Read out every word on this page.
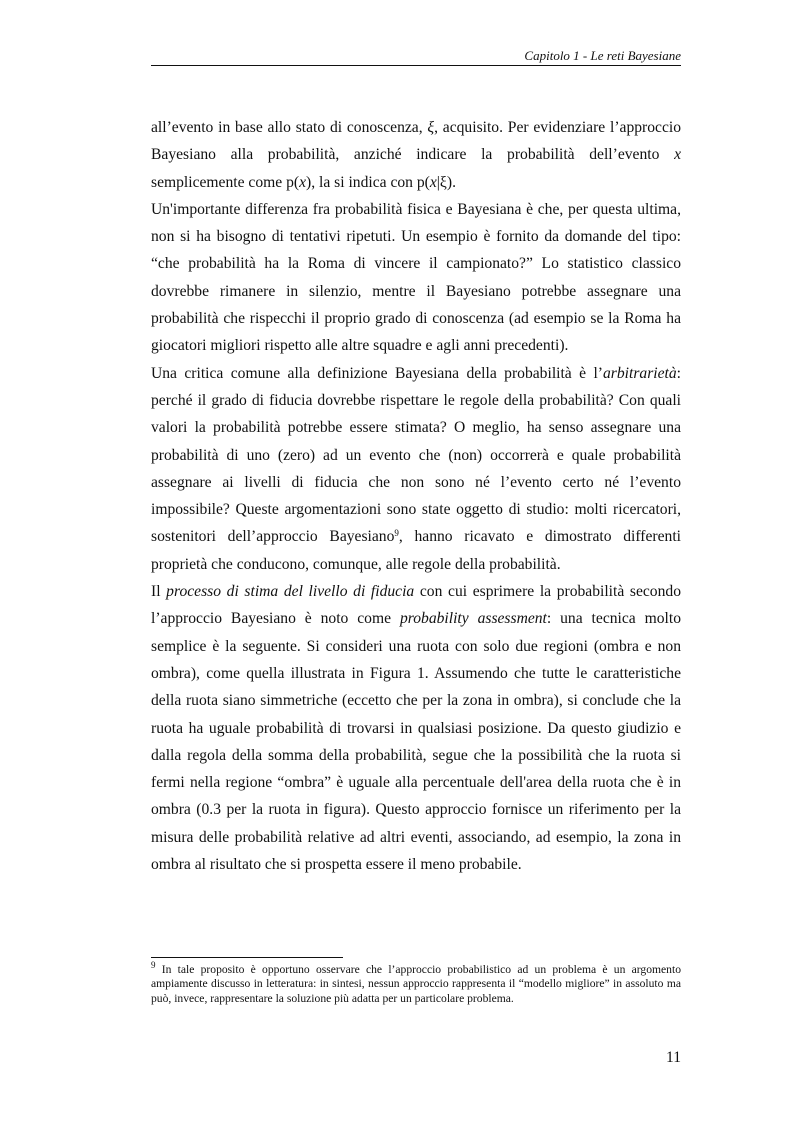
Capitolo 1 - Le reti Bayesiane

all’evento in base allo stato di conoscenza, ξ, acquisito. Per evidenziare l’approccio Bayesiano alla probabilità, anziché indicare la probabilità dell’evento x semplicemente come p(x), la si indica con p(x|ξ).

Un'importante differenza fra probabilità fisica e Bayesiana è che, per questa ultima, non si ha bisogno di tentativi ripetuti. Un esempio è fornito da domande del tipo: “che probabilità ha la Roma di vincere il campionato?” Lo statistico classico dovrebbe rimanere in silenzio, mentre il Bayesiano potrebbe assegnare una probabilità che rispecchi il proprio grado di conoscenza (ad esempio se la Roma ha giocatori migliori rispetto alle altre squadre e agli anni precedenti).

Una critica comune alla definizione Bayesiana della probabilità è l’arbitrarietà: perché il grado di fiducia dovrebbe rispettare le regole della probabilità? Con quali valori la probabilità potrebbe essere stimata? O meglio, ha senso assegnare una probabilità di uno (zero) ad un evento che (non) occorrerà e quale probabilità assegnare ai livelli di fiducia che non sono né l’evento certo né l’evento impossibile? Queste argomentazioni sono state oggetto di studio: molti ricercatori, sostenitori dell’approccio Bayesiano$^9$, hanno ricavato e dimostrato differenti proprietà che conducono, comunque, alle regole della probabilità.

Il processo di stima del livello di fiducia con cui esprimere la probabilità secondo l’approccio Bayesiano è noto come probability assessment: una tecnica molto semplice è la seguente. Si consideri una ruota con solo due regioni (ombra e non ombra), come quella illustrata in Figura 1. Assumendo che tutte le caratteristiche della ruota siano simmetriche (eccetto che per la zona in ombra), si conclude che la ruota ha uguale probabilità di trovarsi in qualsiasi posizione. Da questo giudizio e dalla regola della somma della probabilità, segue che la possibilità che la ruota si fermi nella regione “ombra” è uguale alla percentuale dell'area della ruota che è in ombra (0.3 per la ruota in figura). Questo approccio fornisce un riferimento per la misura delle probabilità relative ad altri eventi, associando, ad esempio, la zona in ombra al risultato che si prospetta essere il meno probabile.

$^9$ In tale proposito è opportuno osservare che l’approccio probabilistico ad un problema è un argomento ampiamente discusso in letteratura: in sintesi, nessun approccio rappresenta il “modello migliore” in assoluto ma può, invece, rappresentare la soluzione più adatta per un particolare problema.

11
